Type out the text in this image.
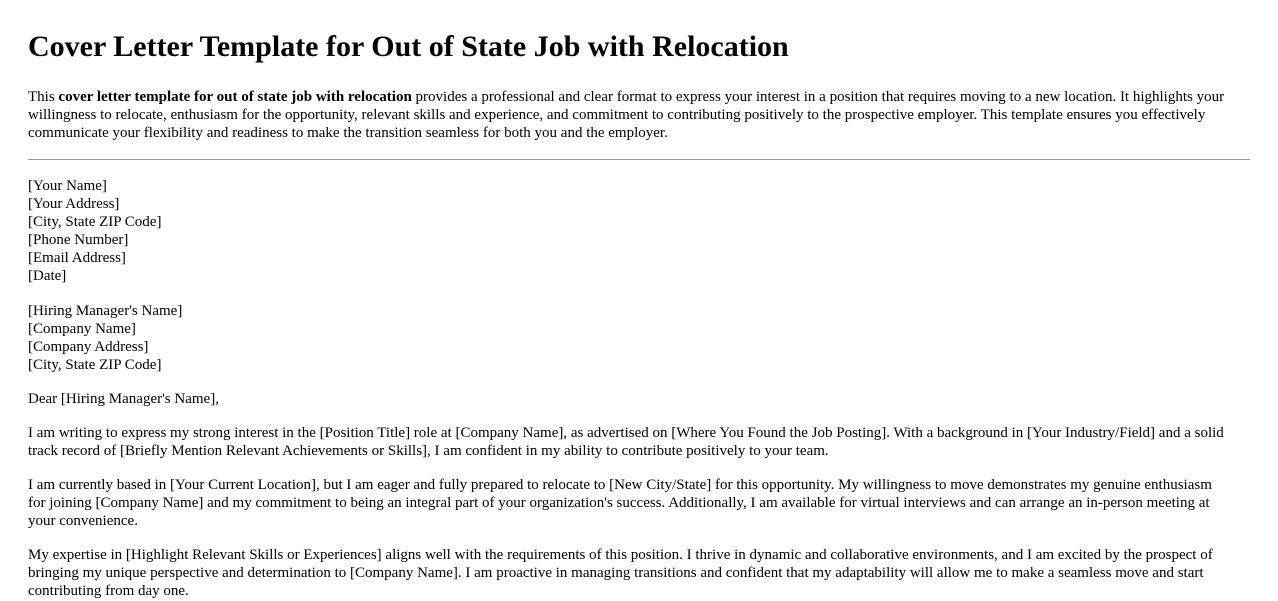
Cover Letter Template for Out of State Job with Relocation

This cover letter template for out of state job with relocation provides a professional and clear format to express your interest in a position that requires moving to a new location. It highlights your willingness to relocate, enthusiasm for the opportunity, relevant skills and experience, and commitment to contributing positively to the prospective employer. This template ensures you effectively communicate your flexibility and readiness to make the transition seamless for both you and the employer.

[Your Name]
[Your Address]
[City, State ZIP Code]
[Phone Number]
[Email Address]
[Date]
[Hiring Manager's Name]
[Company Name]
[Company Address]
[City, State ZIP Code]

Dear [Hiring Manager's Name],

I am writing to express my strong interest in the [Position Title] role at [Company Name], as advertised on [Where You Found the Job Posting]. With a background in [Your Industry/Field] and a solid track record of [Briefly Mention Relevant Achievements or Skills], I am confident in my ability to contribute positively to your team.

I am currently based in [Your Current Location], but I am eager and fully prepared to relocate to [New City/State] for this opportunity. My willingness to move demonstrates my genuine enthusiasm for joining [Company Name] and my commitment to being an integral part of your organization's success. Additionally, I am available for virtual interviews and can arrange an in-person meeting at your convenience.

My expertise in [Highlight Relevant Skills or Experiences] aligns well with the requirements of this position. I thrive in dynamic and collaborative environments, and I am excited by the prospect of bringing my unique perspective and determination to [Company Name]. I am proactive in managing transitions and confident that my adaptability will allow me to make a seamless move and start contributing from day one.
